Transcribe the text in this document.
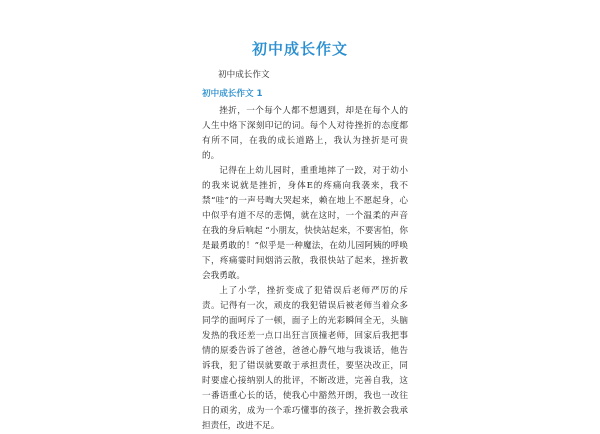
初中成长作文

初中成长作文

初中成长作文 1

挫折，一个每个人都不想遇到，却是在每个人的人生中烙下深刻印记的词。每个人对待挫折的态度都有所不同，在我的成长道路上，我认为挫折是可贵的。

记得在上幼儿园时，重重地摔了一跤，对于幼小的我来说就是挫折，身体E的疼痛向我袭来，我不禁“哇”的一声号啕大哭起来，赖在地上不愿起身，心中似乎有道不尽的悲惆，就在这时，一个温柔的声音在我的身后响起 “小朋友，快快站起来，不要害怕，你是最勇敢的！”似乎是一种魔法，在幼儿园阿姨的呼唤下，疼痛霎时间烟消云散，我很快站了起来，挫折教会我勇敢。

上了小学，挫折变成了犯错误后老师严厉的斥责。记得有一次，顽皮的我犯错误后被老师当着众多同学的面呵斥了一顿，面子上的光彩瞬间全无，头脑发热的我还差一点口出狂言顶撞老师，回家后我把事情的原委告诉了爸爸，爸爸心静气地与我谈话，他告诉我，犯了错误就要敢于承担责任，要坚决改正，同时要虚心接纳别人的批评，不断改进，完善自我，这一番语重心长的话，使我心中豁然开朗，我也一改往日的顽劣，成为一个乖巧懂事的孩子，挫折教会我承担责任，改进不足。
